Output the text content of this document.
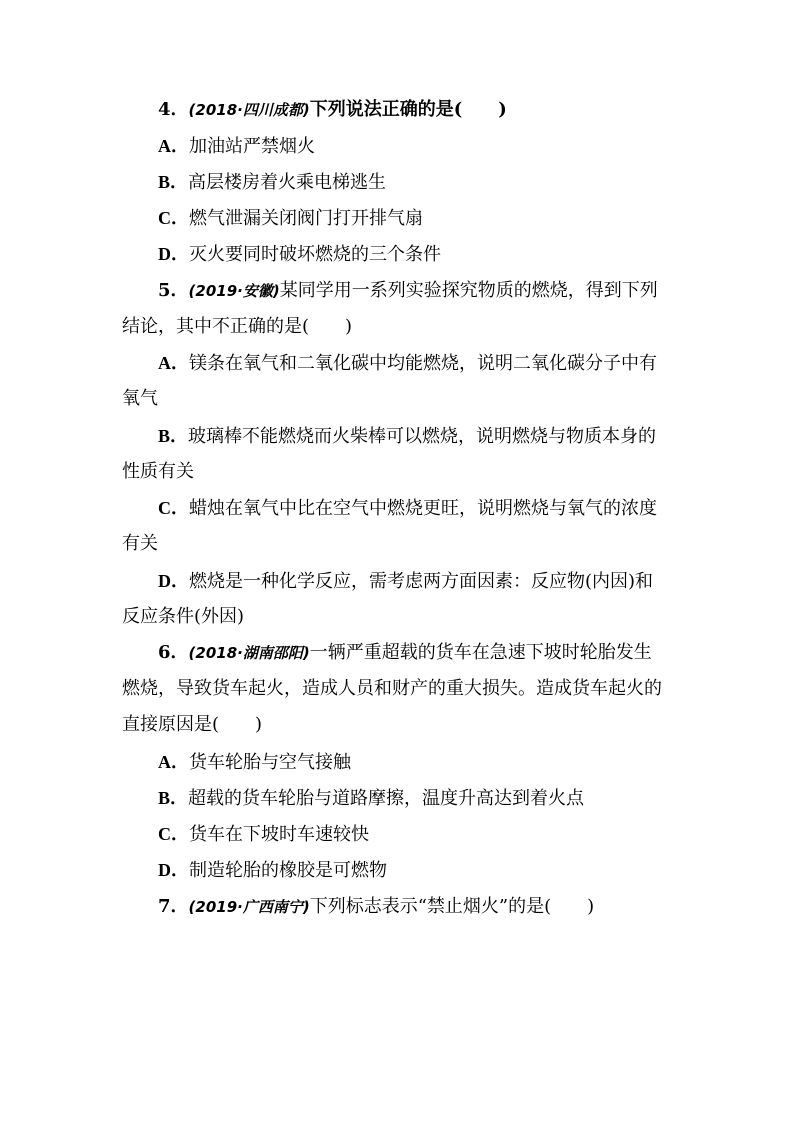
4．(2018·四川成都)下列说法正确的是(　　)
A．加油站严禁烟火
B．高层楼房着火乘电梯逃生
C．燃气泄漏关闭阀门打开排气扇
D．灭火要同时破坏燃烧的三个条件
5．(2019·安徽)某同学用一系列实验探究物质的燃烧，得到下列
结论，其中不正确的是(　　)
A．镁条在氧气和二氧化碳中均能燃烧，说明二氧化碳分子中有
氧气
B．玻璃棒不能燃烧而火柴棒可以燃烧，说明燃烧与物质本身的
性质有关
C．蜡烛在氧气中比在空气中燃烧更旺，说明燃烧与氧气的浓度
有关
D．燃烧是一种化学反应，需考虑两方面因素：反应物(内因)和
反应条件(外因)
6．(2018·湖南邵阳)一辆严重超载的货车在急速下坡时轮胎发生
燃烧，导致货车起火，造成人员和财产的重大损失。造成货车起火的
直接原因是(　　)
A．货车轮胎与空气接触
B．超载的货车轮胎与道路摩擦，温度升高达到着火点
C．货车在下坡时车速较快
D．制造轮胎的橡胶是可燃物
7．(2019·广西南宁)下列标志表示“禁止烟火”的是(　　)
